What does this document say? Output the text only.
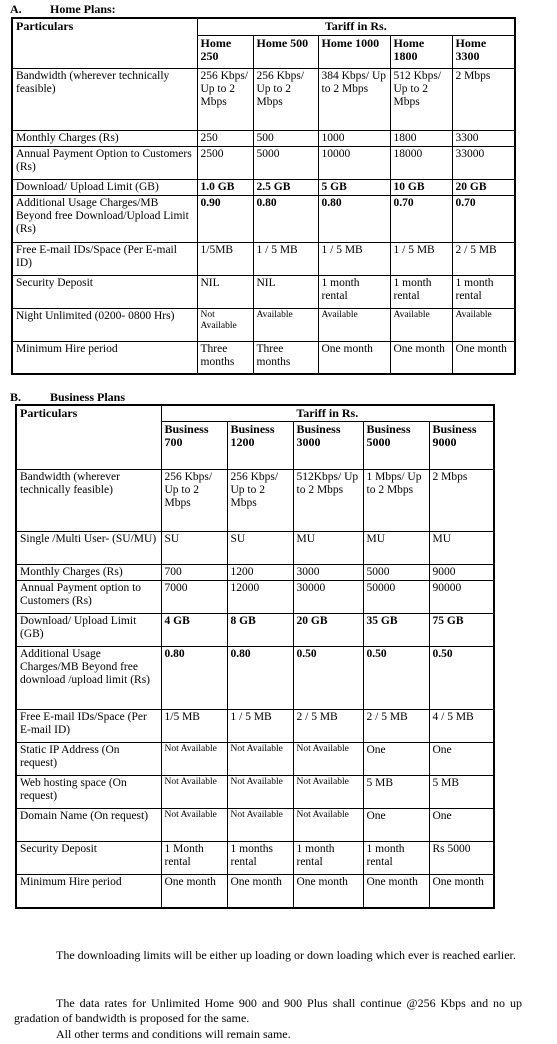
A. Home Plans:
Particulars	Tariff in Rs.				
	Home 250	Home 500	Home 1000	Home 1800	Home 3300
Bandwidth (wherever technically feasible)	256 Kbps/ Up to 2 Mbps	256 Kbps/ Up to 2 Mbps	384 Kbps/ Up to 2 Mbps	512 Kbps/ Up to 2 Mbps	2 Mbps
Monthly Charges (Rs)	250	500	1000	1800	3300
Annual Payment Option to Customers (Rs)	2500	5000	10000	18000	33000
Download/ Upload Limit (GB)	1.0 GB	2.5 GB	5 GB	10 GB	20 GB
Additional Usage Charges/MB Beyond free Download/Upload Limit (Rs)	0.90	0.80	0.80	0.70	0.70
Free E-mail IDs/Space (Per E-mail ID)	1/5MB	1 / 5 MB	1 / 5 MB	1 / 5 MB	2 / 5 MB
Security Deposit	NIL	NIL	1 month rental	1 month rental	1 month rental
Night Unlimited (0200- 0800 Hrs)	Not Available	Available	Available	Available	Available
Minimum Hire period	Three months	Three months	One month	One month	One month
B. Business Plans
Particulars	Tariff in Rs.				
	Business 700	Business 1200	Business 3000	Business 5000	Business 9000
Bandwidth (wherever technically feasible)	256 Kbps/ Up to 2 Mbps	256 Kbps/ Up to 2 Mbps	512Kbps/ Up to 2 Mbps	1 Mbps/ Up to 2 Mbps	2 Mbps
Single /Multi User- (SU/MU)	SU	SU	MU	MU	MU
Monthly Charges (Rs)	700	1200	3000	5000	9000
Annual Payment option to Customers (Rs)	7000	12000	30000	50000	90000
Download/ Upload Limit (GB)	4 GB	8 GB	20 GB	35 GB	75 GB
Additional Usage Charges/MB Beyond free download /upload limit (Rs)	0.80	0.80	0.50	0.50	0.50
Free E-mail IDs/Space (Per E-mail ID)	1/5 MB	1 / 5 MB	2 / 5 MB	2 / 5 MB	4 / 5 MB
Static IP Address (On request)	Not Available	Not Available	Not Available	One	One
Web hosting space (On request)	Not Available	Not Available	Not Available	5 MB	5 MB
Domain Name (On request)	Not Available	Not Available	Not Available	One	One
Security Deposit	1 Month rental	1 months rental	1 month rental	1 month rental	Rs 5000
Minimum Hire period	One month	One month	One month	One month	One month
The downloading limits will be either up loading or down loading which ever is reached earlier.
The data rates for Unlimited Home 900 and 900 Plus shall continue @256 Kbps and no up gradation of bandwidth is proposed for the same.
All other terms and conditions will remain same.
